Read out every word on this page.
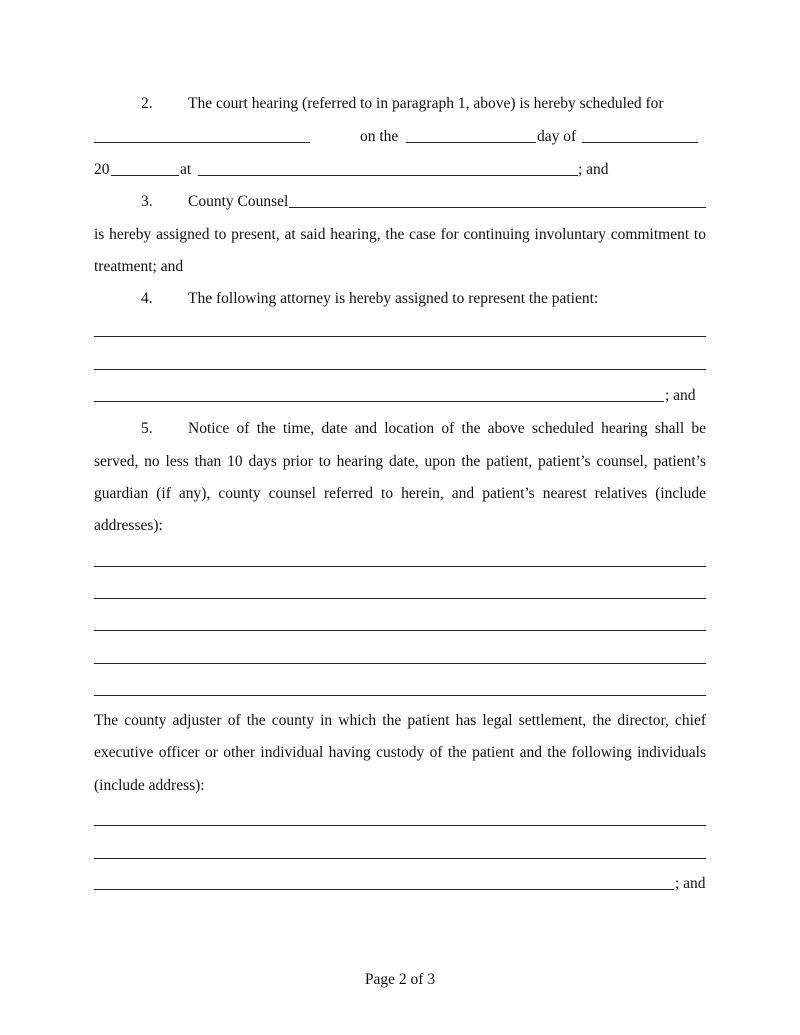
2. The court hearing (referred to in paragraph 1, above) is hereby scheduled for
on the	day of
20	at	; and
3. County Counsel
is hereby assigned to present, at said hearing, the case for continuing involuntary commitment to
treatment; and
4. The following attorney is hereby assigned to represent the patient:
; and
5. Notice of the time, date and location of the above scheduled hearing shall be
served, no less than 10 days prior to hearing date, upon the patient, patient’s counsel, patient’s
guardian (if any), county counsel referred to herein, and patient’s nearest relatives (include
addresses):
The county adjuster of the county in which the patient has legal settlement, the director, chief
executive officer or other individual having custody of the patient and the following individuals
(include address):
; and
Page 2 of 3
